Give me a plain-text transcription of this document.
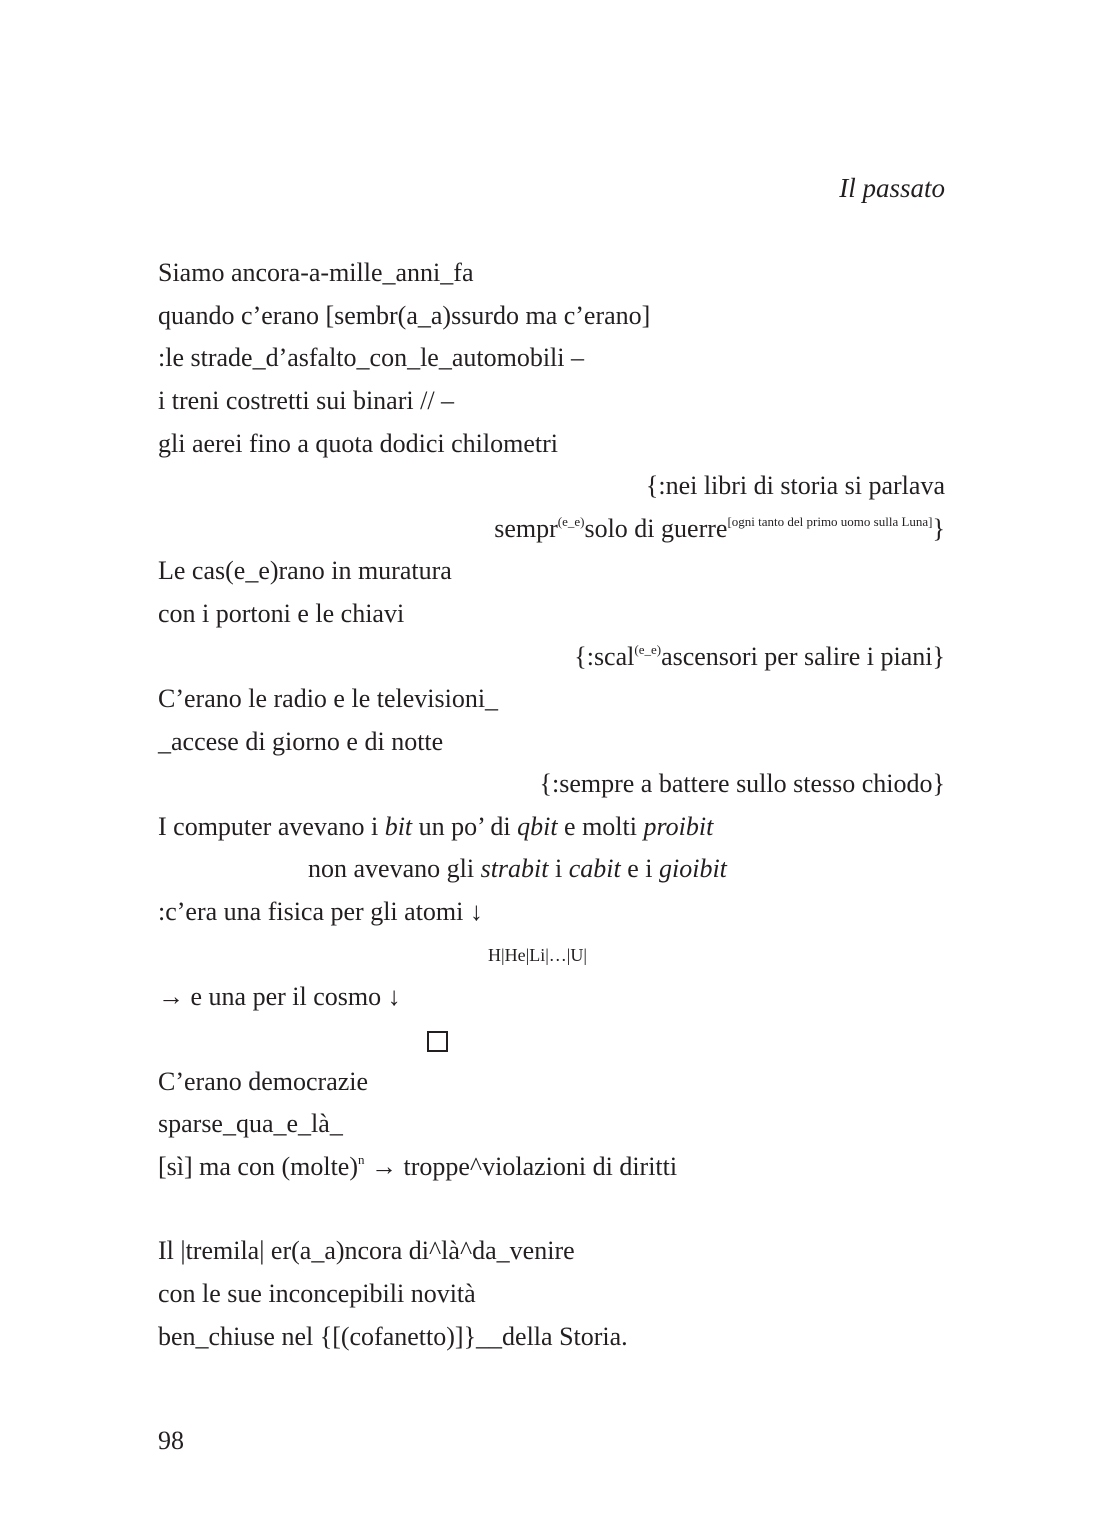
Il passato
Siamo ancora-a-mille_anni_fa
quando c’erano [sembr(a_a)ssurdo ma c’erano]
:le strade_d’asfalto_con_le_automobili –
i treni costretti sui binari // –
gli aerei fino a quota dodici chilometri
{:nei libri di storia si parlava
sempr$^{(e\_e)}$solo di guerre[ogni tanto del primo uomo sulla Luna]}
Le cas(e_e)rano in muratura
con i portoni e le chiavi
{:scal$^{(e\_e)}$ascensori per salire i piani}
C’erano le radio e le televisioni_
_accese di giorno e di notte
{:sempre a battere sullo stesso chiodo}
I computer avevano i bit un po’ di qbit e molti proibit
non avevano gli strabit i cabit e i gioibit
:c’era una fisica per gli atomi ↓
H|He|Li|…|U|
→ e una per il cosmo ↓
C’erano democrazie
sparse_qua_e_là_
[sì] ma con (molte)$^n$ → troppe^violazioni di diritti
Il |tremila| er(a_a)ncora di^là^da_venire
con le sue inconcepibili novità
ben_chiuse nel {[(cofanetto)]}__della Storia.
98
